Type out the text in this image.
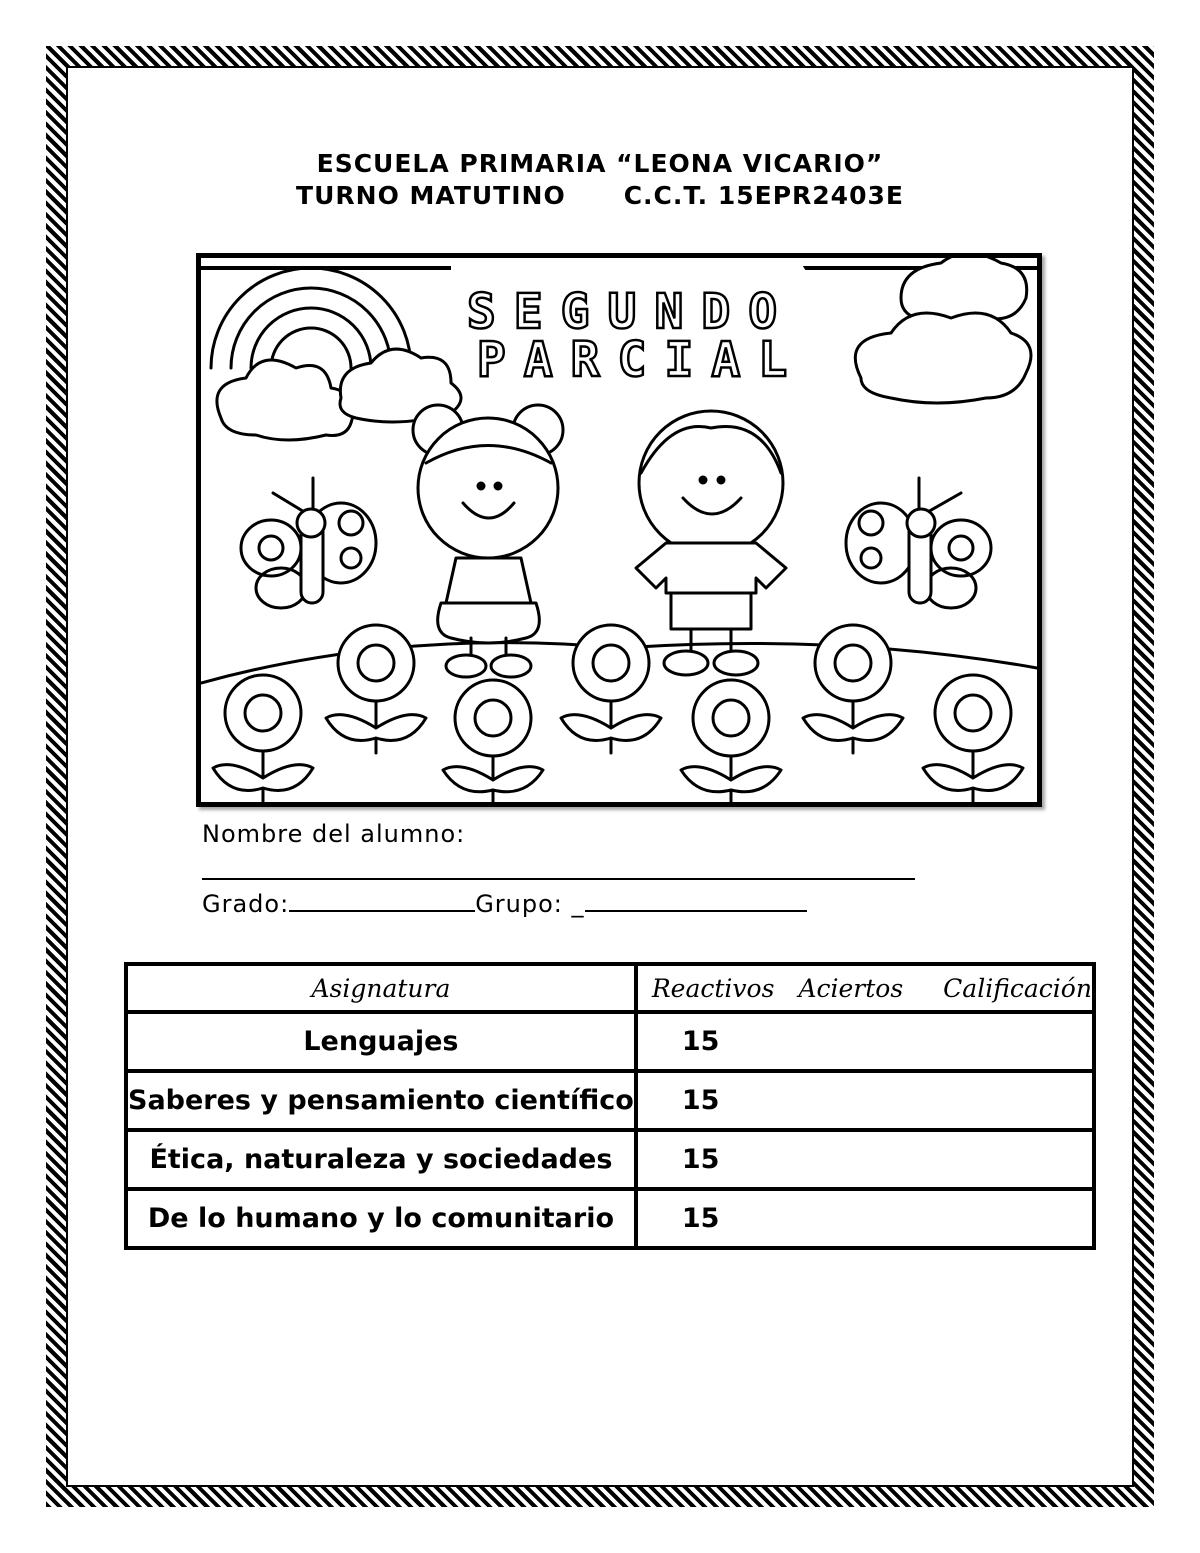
ESCUELA PRIMARIA “LEONA VICARIO”
TURNO MATUTINO C.C.T. 15EPR2403E
SEGUNDO
PARCIAL
Nombre del alumno:
Grado:	Grupo: _
Asignatura	Reactivos Aciertos Calificación
Lenguajes	15
Saberes y pensamiento científico	15
Ética, naturaleza y sociedades	15
De lo humano y lo comunitario	15
